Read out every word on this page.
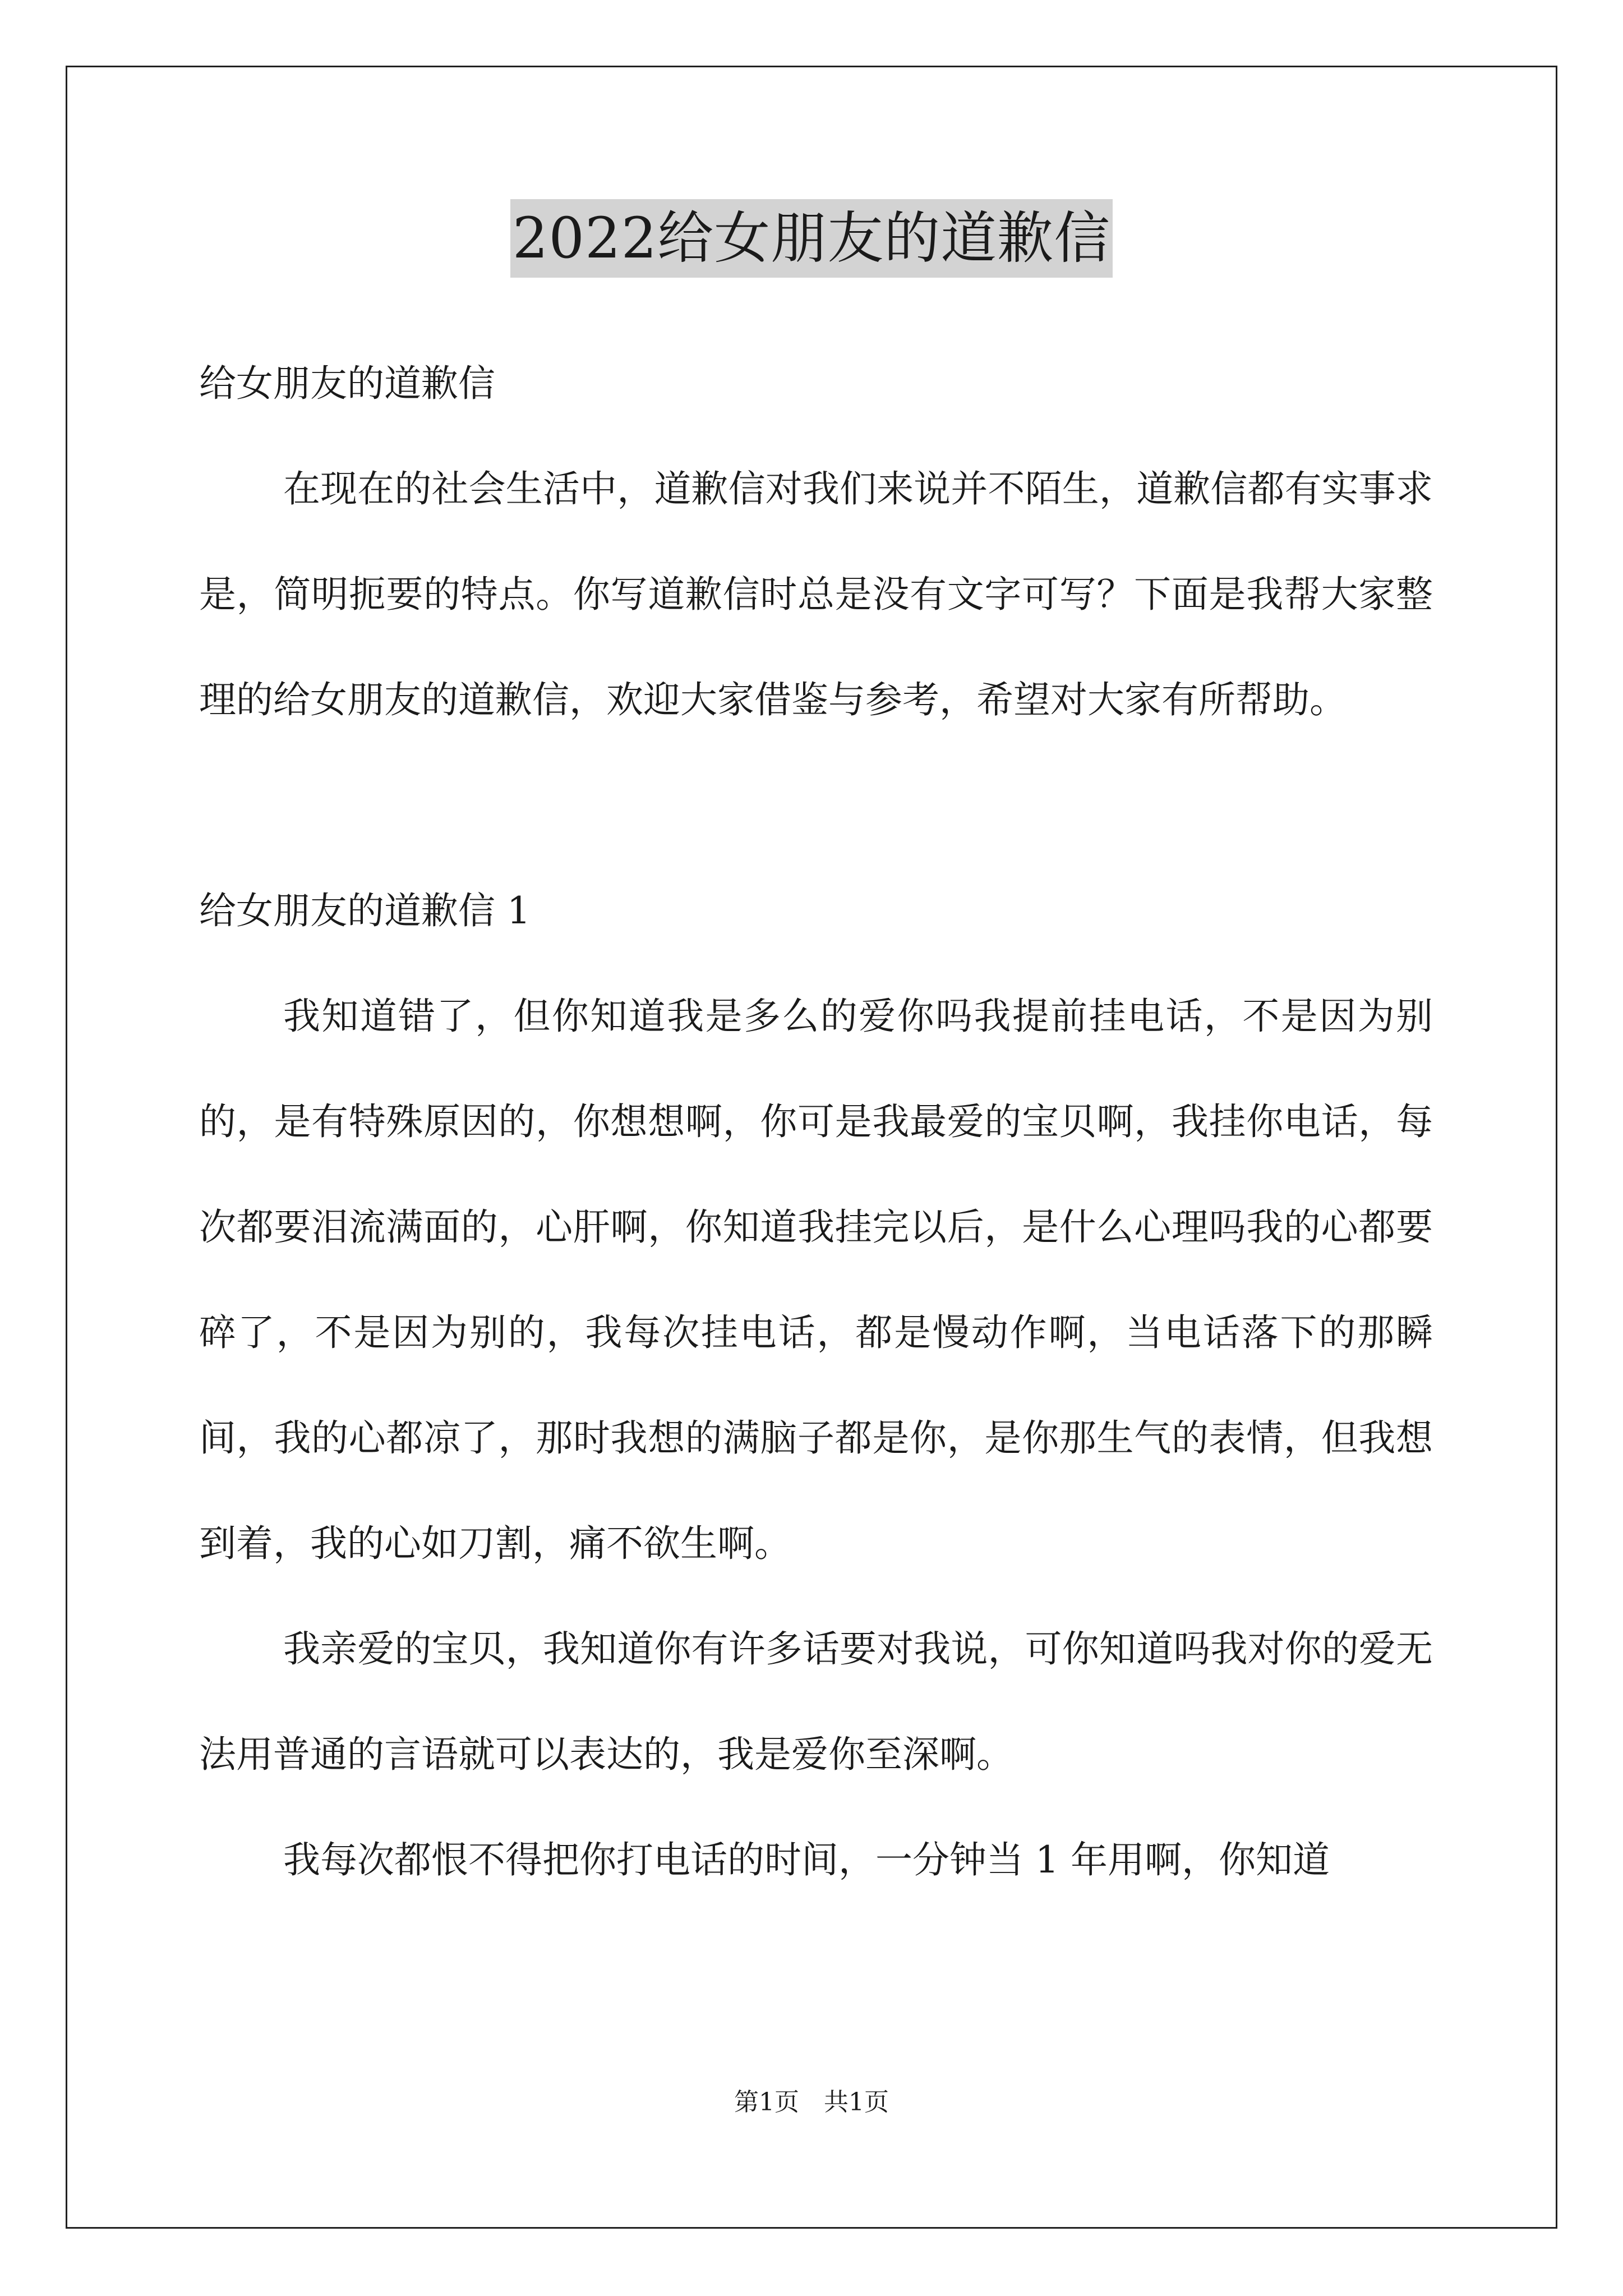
2022给女朋友的道歉信

给女朋友的道歉信

在现在的社会生活中，道歉信对我们来说并不陌生，道歉信都有实事求是，简明扼要的特点。你写道歉信时总是没有文字可写？下面是我帮大家整理的给女朋友的道歉信，欢迎大家借鉴与参考，希望对大家有所帮助。

给女朋友的道歉信 1

我知道错了，但你知道我是多么的爱你吗我提前挂电话，不是因为别的，是有特殊原因的，你想想啊，你可是我最爱的宝贝啊，我挂你电话，每次都要泪流满面的，心肝啊，你知道我挂完以后，是什么心理吗我的心都要碎了，不是因为别的，我每次挂电话，都是慢动作啊，当电话落下的那瞬间，我的心都凉了，那时我想的满脑子都是你，是你那生气的表情，但我想到着，我的心如刀割，痛不欲生啊。

我亲爱的宝贝，我知道你有许多话要对我说，可你知道吗我对你的爱无法用普通的言语就可以表达的，我是爱你至深啊。

我每次都恨不得把你打电话的时间，一分钟当 1 年用啊，你知道

第1页 共1页
